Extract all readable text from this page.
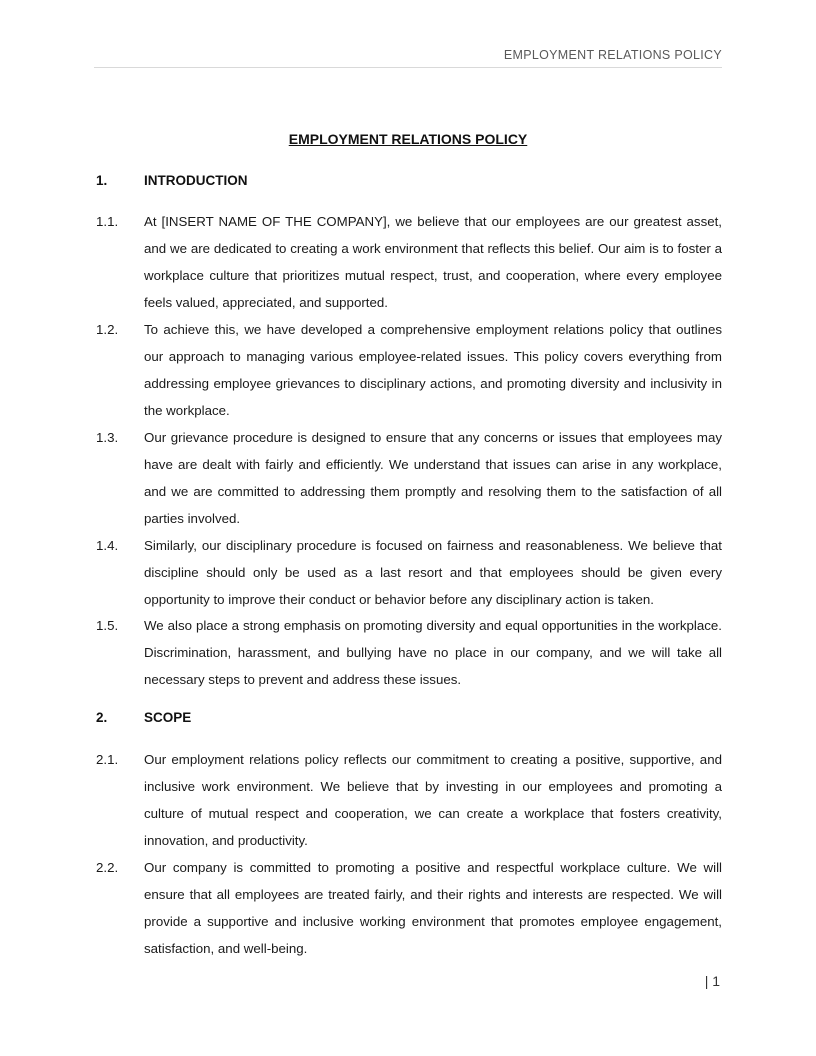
EMPLOYMENT RELATIONS POLICY
EMPLOYMENT RELATIONS POLICY
1.	INTRODUCTION
1.1. At [INSERT NAME OF THE COMPANY], we believe that our employees are our greatest asset, and we are dedicated to creating a work environment that reflects this belief. Our aim is to foster a workplace culture that prioritizes mutual respect, trust, and cooperation, where every employee feels valued, appreciated, and supported.
1.2. To achieve this, we have developed a comprehensive employment relations policy that outlines our approach to managing various employee-related issues. This policy covers everything from addressing employee grievances to disciplinary actions, and promoting diversity and inclusivity in the workplace.
1.3. Our grievance procedure is designed to ensure that any concerns or issues that employees may have are dealt with fairly and efficiently. We understand that issues can arise in any workplace, and we are committed to addressing them promptly and resolving them to the satisfaction of all parties involved.
1.4. Similarly, our disciplinary procedure is focused on fairness and reasonableness. We believe that discipline should only be used as a last resort and that employees should be given every opportunity to improve their conduct or behavior before any disciplinary action is taken.
1.5. We also place a strong emphasis on promoting diversity and equal opportunities in the workplace. Discrimination, harassment, and bullying have no place in our company, and we will take all necessary steps to prevent and address these issues.
2.	SCOPE
2.1. Our employment relations policy reflects our commitment to creating a positive, supportive, and inclusive work environment. We believe that by investing in our employees and promoting a culture of mutual respect and cooperation, we can create a workplace that fosters creativity, innovation, and productivity.
2.2. Our company is committed to promoting a positive and respectful workplace culture. We will ensure that all employees are treated fairly, and their rights and interests are respected. We will provide a supportive and inclusive working environment that promotes employee engagement, satisfaction, and well-being.
| 1
